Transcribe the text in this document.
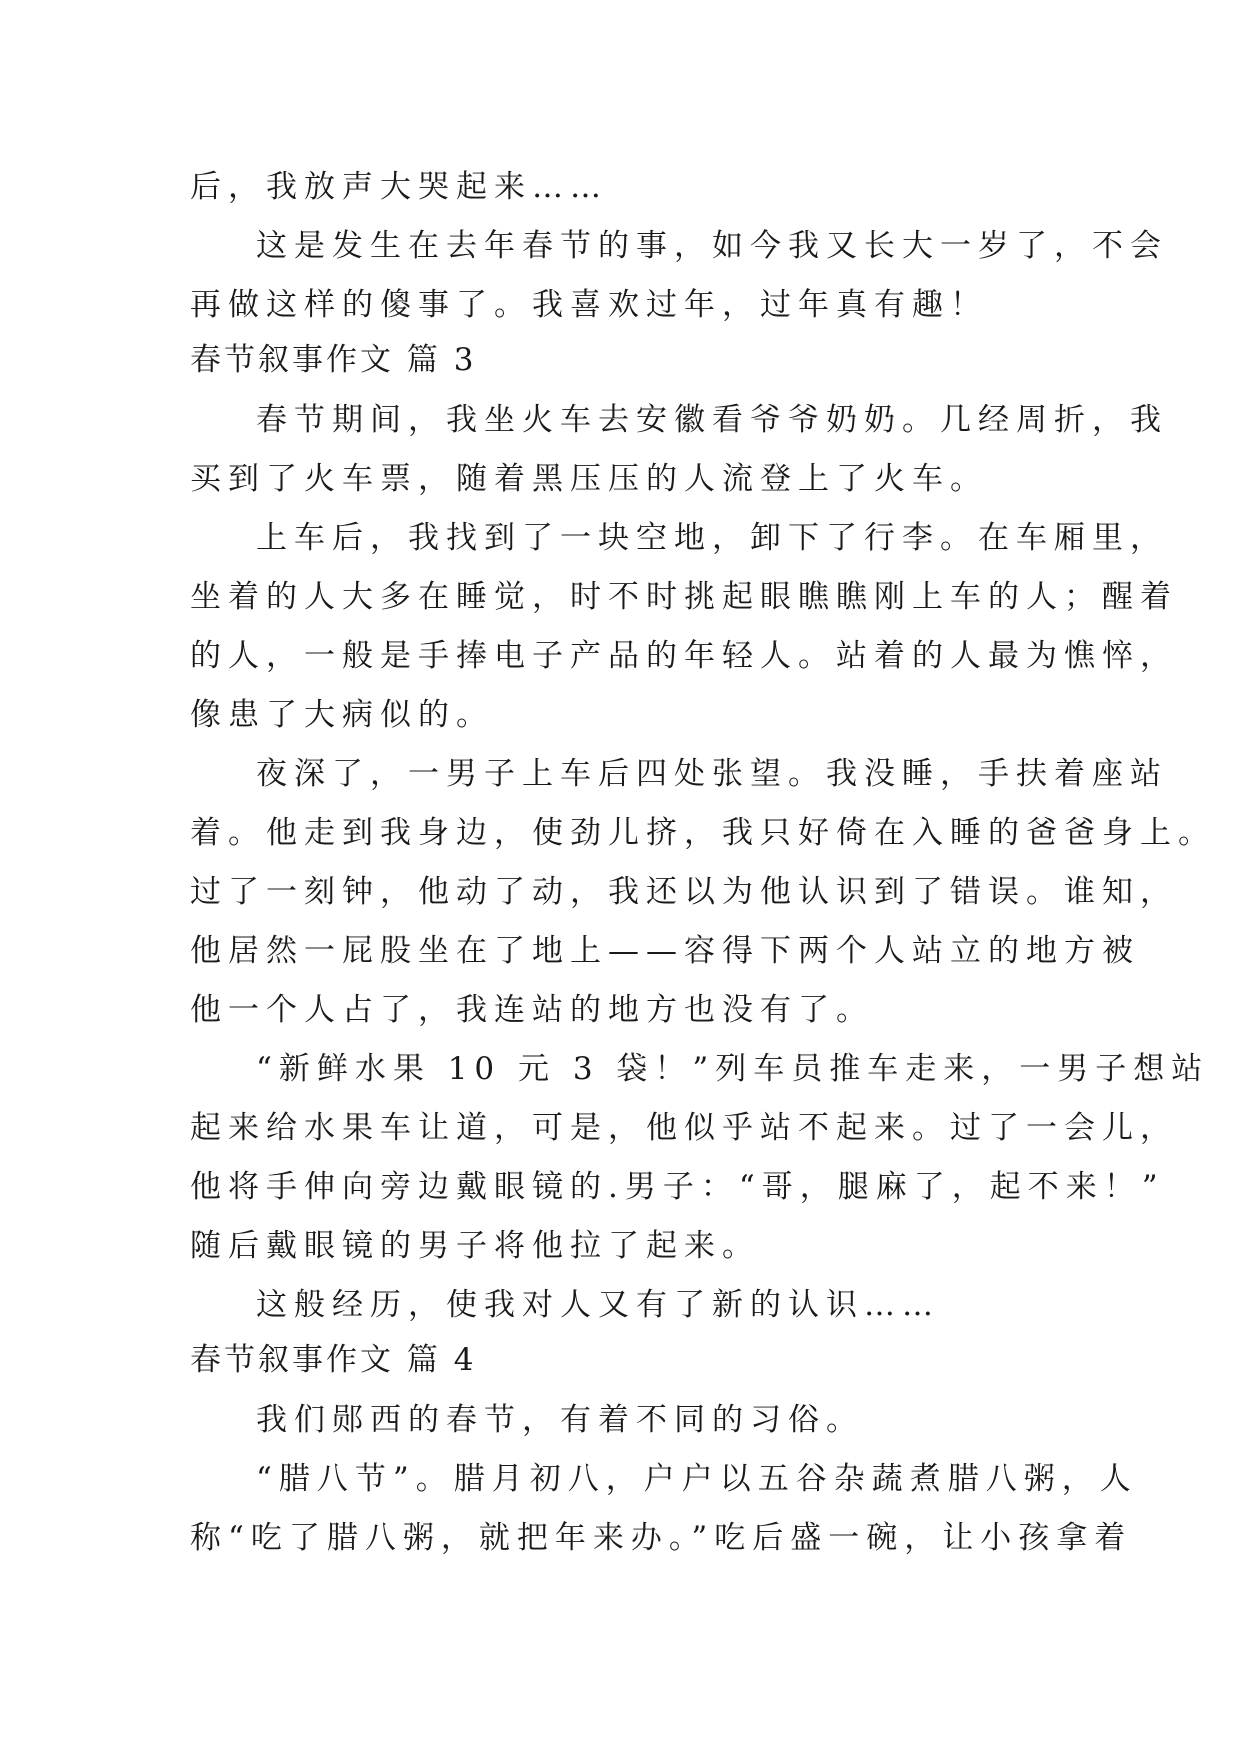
后，我放声大哭起来……
这是发生在去年春节的事，如今我又长大一岁了，不会
再做这样的傻事了。我喜欢过年，过年真有趣！
春节叙事作文 篇 3
春节期间，我坐火车去安徽看爷爷奶奶。几经周折，我
买到了火车票，随着黑压压的人流登上了火车。
上车后，我找到了一块空地，卸下了行李。在车厢里，
坐着的人大多在睡觉，时不时挑起眼瞧瞧刚上车的人；醒着
的人，一般是手捧电子产品的年轻人。站着的人最为憔悴，
像患了大病似的。
夜深了，一男子上车后四处张望。我没睡，手扶着座站
着。他走到我身边，使劲儿挤，我只好倚在入睡的爸爸身上。
过了一刻钟，他动了动，我还以为他认识到了错误。谁知，
他居然一屁股坐在了地上——容得下两个人站立的地方被
他一个人占了，我连站的地方也没有了。
“新鲜水果 10 元 3 袋！”列车员推车走来，一男子想站
起来给水果车让道，可是，他似乎站不起来。过了一会儿，
他将手伸向旁边戴眼镜的.男子：“哥，腿麻了，起不来！”
随后戴眼镜的男子将他拉了起来。
这般经历，使我对人又有了新的认识……
春节叙事作文 篇 4
我们郧西的春节，有着不同的习俗。
“腊八节”。腊月初八，户户以五谷杂蔬煮腊八粥，人
称“吃了腊八粥，就把年来办。”吃后盛一碗，让小孩拿着
